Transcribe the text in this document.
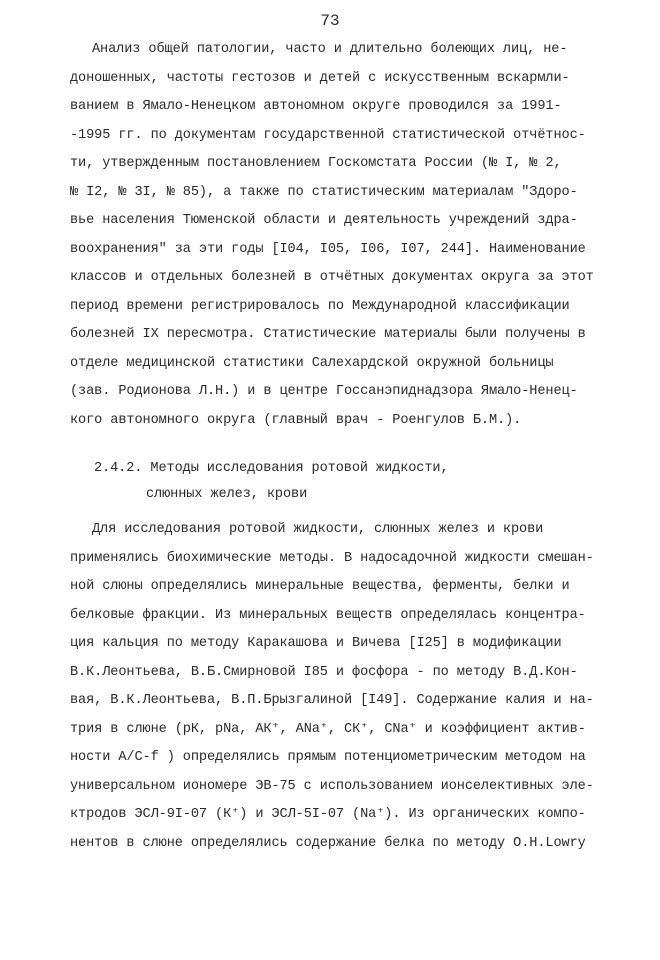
73
Анализ общей патологии, часто и длительно болеющих лиц, не-
доношенных, частоты гестозов и детей с искусственным вскармли-
ванием в Ямало-Ненецком автономном округе проводился за 1991-
-1995 гг. по документам государственной статистической отчётнос-
ти, утвержденным постановлением Госкомстата России (№ I, № 2,
№ I2, № 3I, № 85), а также по статистическим материалам "Здоро-
вье населения Тюменской области и деятельность учреждений здра-
воохранения" за эти годы [I04, I05, I06, I07, 244]. Наименование
классов и отдельных болезней в отчётных документах округа за этот
период времени регистрировалось по Международной классификации
болезней IX пересмотра. Статистические материалы были получены в
отделе медицинской статистики Салехардской окружной больницы
(зав. Родионова Л.Н.) и в центре Госсанэпиднадзора Ямало-Ненец-
кого автономного округа (главный врач - Роенгулов Б.М.).
2.4.2. Методы исследования ротовой жидкости,
слюнных желез, крови
Для исследования ротовой жидкости, слюнных желез и крови
применялись биохимические методы. В надосадочной жидкости смешан-
ной слюны определялись минеральные вещества, ферменты, белки и
белковые фракции. Из минеральных веществ определялась концентра-
ция кальция по методу Каракашова и Вичева [I25] в модификации
В.К.Леонтьева, В.Б.Смирновой I85 и фосфора - по методу В.Д.Кон-
вая, В.К.Леонтьева, В.П.Брызгалиной [I49]. Содержание калия и на-
трия в слюне (рК, рNа, АК⁺, АNа⁺, СК⁺, СNа⁺ и коэффициент актив-
ности А/С-f ) определялись прямым потенциометрическим методом на
универсальном иономере ЭВ-75 с использованием ионселективных эле-
ктродов ЭСЛ-9I-07 (К⁺) и ЭСЛ-5I-07 (Nа⁺). Из органических компо-
нентов в слюне определялись содержание белка по методу O.H.Lowry
